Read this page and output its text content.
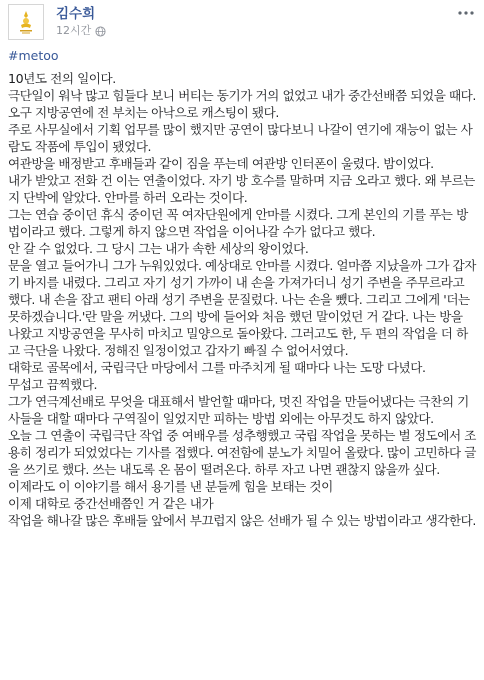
김수희
12시간
#metoo

10년도 전의 일이다.

극단일이 워낙 많고 힘들다 보니 버티는 동기가 거의 없었고 내가 중간선배쯤 되었을 때다. 오구 지방공연에 전 부치는 아낙으로 캐스팅이 됐다.

주로 사무실에서 기획 업무를 많이 했지만 공연이 많다보니 나갈이 연기에 재능이 없는 사람도 작품에 투입이 됐었다.

여관방을 배정받고 후배들과 같이 짐을 푸는데 여관방 인터폰이 울렸다. 밤이었다.

내가 받았고 전화 건 이는 연출이었다. 자기 방 호수를 말하며 지금 오라고 했다. 왜 부르는지 단박에 알았다. 안마를 하러 오라는 것이다.

그는 연습 중이던 휴식 중이던 꼭 여자단원에게 안마를 시켰다. 그게 본인의 기를 푸는 방법이라고 했다. 그렇게 하지 않으면 작업을 이어나갈 수가 없다고 했다.

안 갈 수 없었다. 그 당시 그는 내가 속한 세상의 왕이었다.

문을 열고 들어가니 그가 누워있었다. 예상대로 안마를 시켰다. 얼마쯤 지났을까 그가 갑자기 바지를 내렸다. 그리고 자기 성기 가까이 내 손을 가져가더니 성기 주변을 주무르라고 했다. 내 손을 잡고 팬티 아래 성기 주변을 문질렀다. 나는 손을 뺐다. 그리고 그에게 '더는 못하겠습니다.'란 말을 꺼냈다. 그의 방에 들어와 처음 했던 말이었던 거 같다. 나는 방을 나왔고 지방공연을 무사히 마치고 밀양으로 돌아왔다. 그러고도 한, 두 편의 작업을 더 하고 극단을 나왔다. 정해진 일정이었고 갑자기 빠질 수 없어서였다.

대학로 골목에서, 국립극단 마당에서 그를 마주치게 될 때마다 나는 도망 다녔다.

무섭고 끔찍했다.

그가 연극계선배로 무엇을 대표해서 발언할 때마다, 멋진 작업을 만들어냈다는 극찬의 기사들을 대할 때마다 구역질이 일었지만 피하는 방법 외에는 아무것도 하지 않았다.

오늘 그 연출이 국립극단 작업 중 여배우를 성추행했고 국립 작업을 못하는 벌 정도에서 조용히 정리가 되었었다는 기사를 접했다. 여전함에 분노가 치밀어 올랐다. 많이 고민하다 글을 쓰기로 했다. 쓰는 내도록 온 몸이 떨려온다. 하루 자고 나면 괜찮지 않을까 싶다.

이제라도 이 이야기를 해서 용기를 낸 분들께 힘을 보태는 것이

이제 대학로 중간선배쯤인 거 같은 내가

작업을 해나갈 많은 후배들 앞에서 부끄럽지 않은 선배가 될 수 있는 방법이라고 생각한다.
